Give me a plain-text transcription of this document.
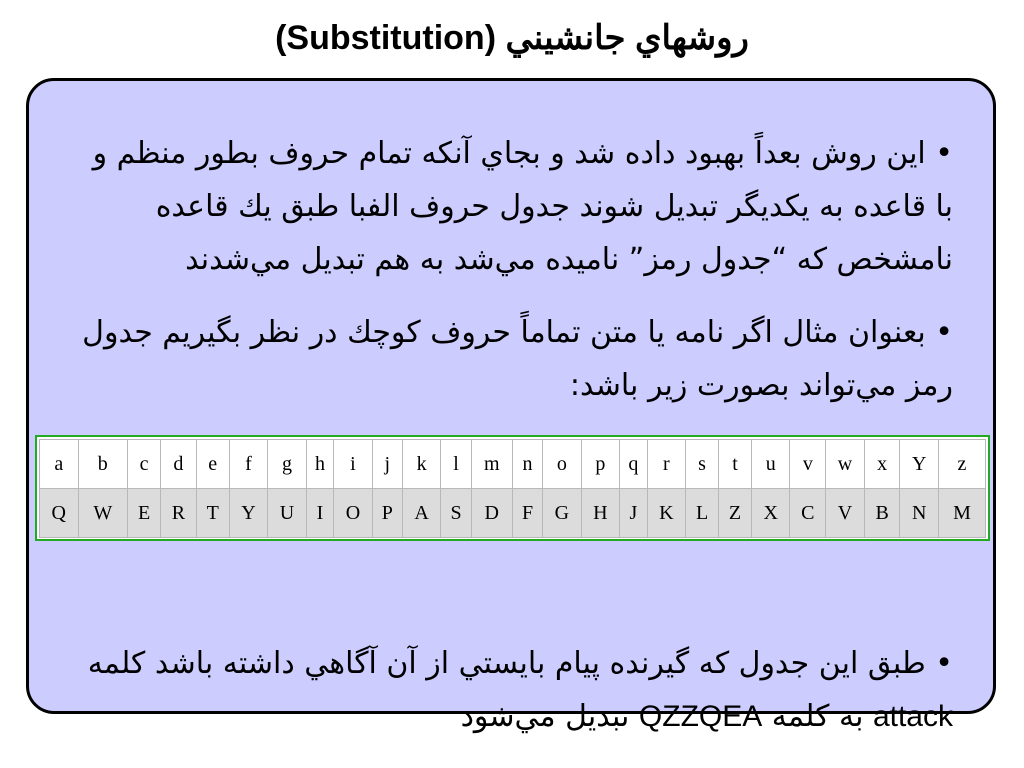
روشهاي جانشيني (Substitution)
• اين روش بعداً بهبود داده شد و بجاي آنكه تمام حروف بطور منظم و با قاعده به يكديگر تبديل شوند جدول حروف الفبا طبق يك قاعده نامشخص كه “جدول رمز” ناميده مي‌شد به هم تبديل مي‌شدند
• بعنوان مثال اگر نامه يا متن تماماً حروف كوچك در نظر بگيريم جدول رمز مي‌تواند بصورت زير باشد:
• طبق اين جدول كه گيرنده پيام بايستي از آن آگاهي داشته باشد كلمه attack به كلمه QZZQEA تبديل مي‌شود
a	b	c	d	e	f	g	h	i	j	k	l	m	n	o	p	q	r	s	t	u	v	w	x	Y	z
Q	W	E	R	T	Y	U	I	O	P	A	S	D	F	G	H	J	K	L	Z	X	C	V	B	N	M
